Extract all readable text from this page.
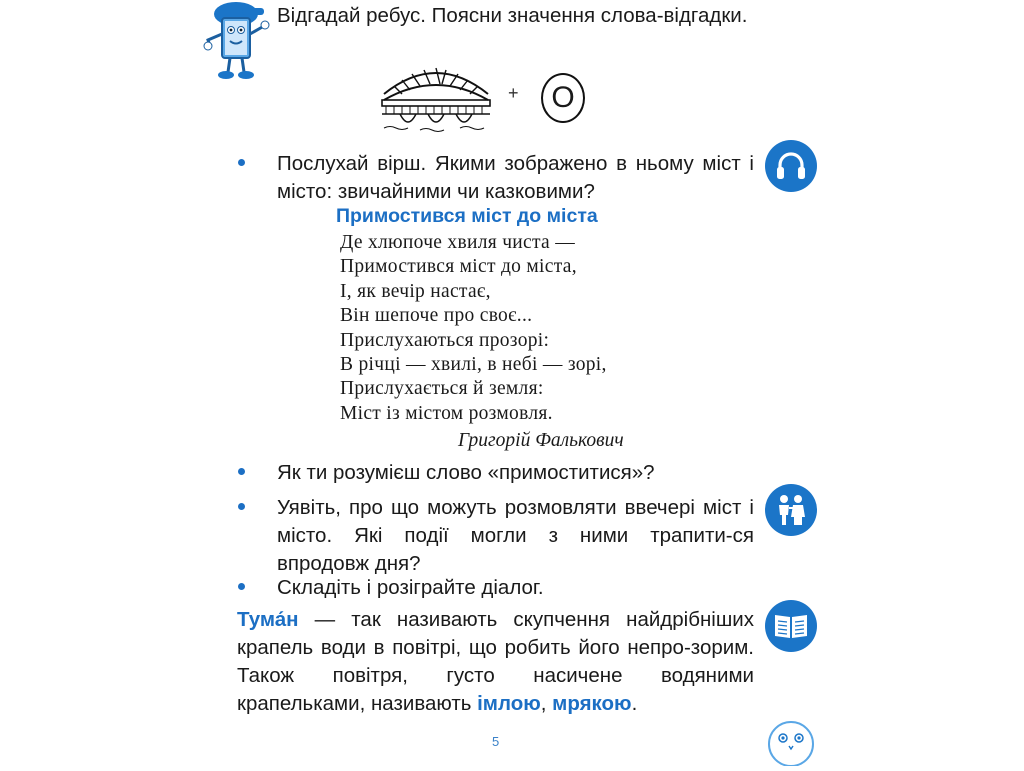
Відгадай ребус. Поясни значення слова-відгадки.
+ О
Послухай вірш. Якими зображено в ньому міст і місто: звичайними чи казковими?
Примостився міст до міста
Де хлюпоче хвиля чиста —
Примостився міст до міста,
І, як вечір настає,
Він шепоче про своє...
Прислухаються прозорі:
В річці — хвилі, в небі — зорі,
Прислухається й земля:
Міст із містом розмовля.
Григорій Фалькович
Як ти розумієш слово «примоститися»?
Уявіть, про що можуть розмовляти ввечері міст і місто. Які події могли з ними трапити-ся впродовж дня?
Складіть і розіграйте діалог.
Тума́н — так називають скупчення найдрібніших крапель води в повітрі, що робить його непро-зорим. Також повітря, густо насичене водяними крапельками, називають імлою, мрякою.
5
